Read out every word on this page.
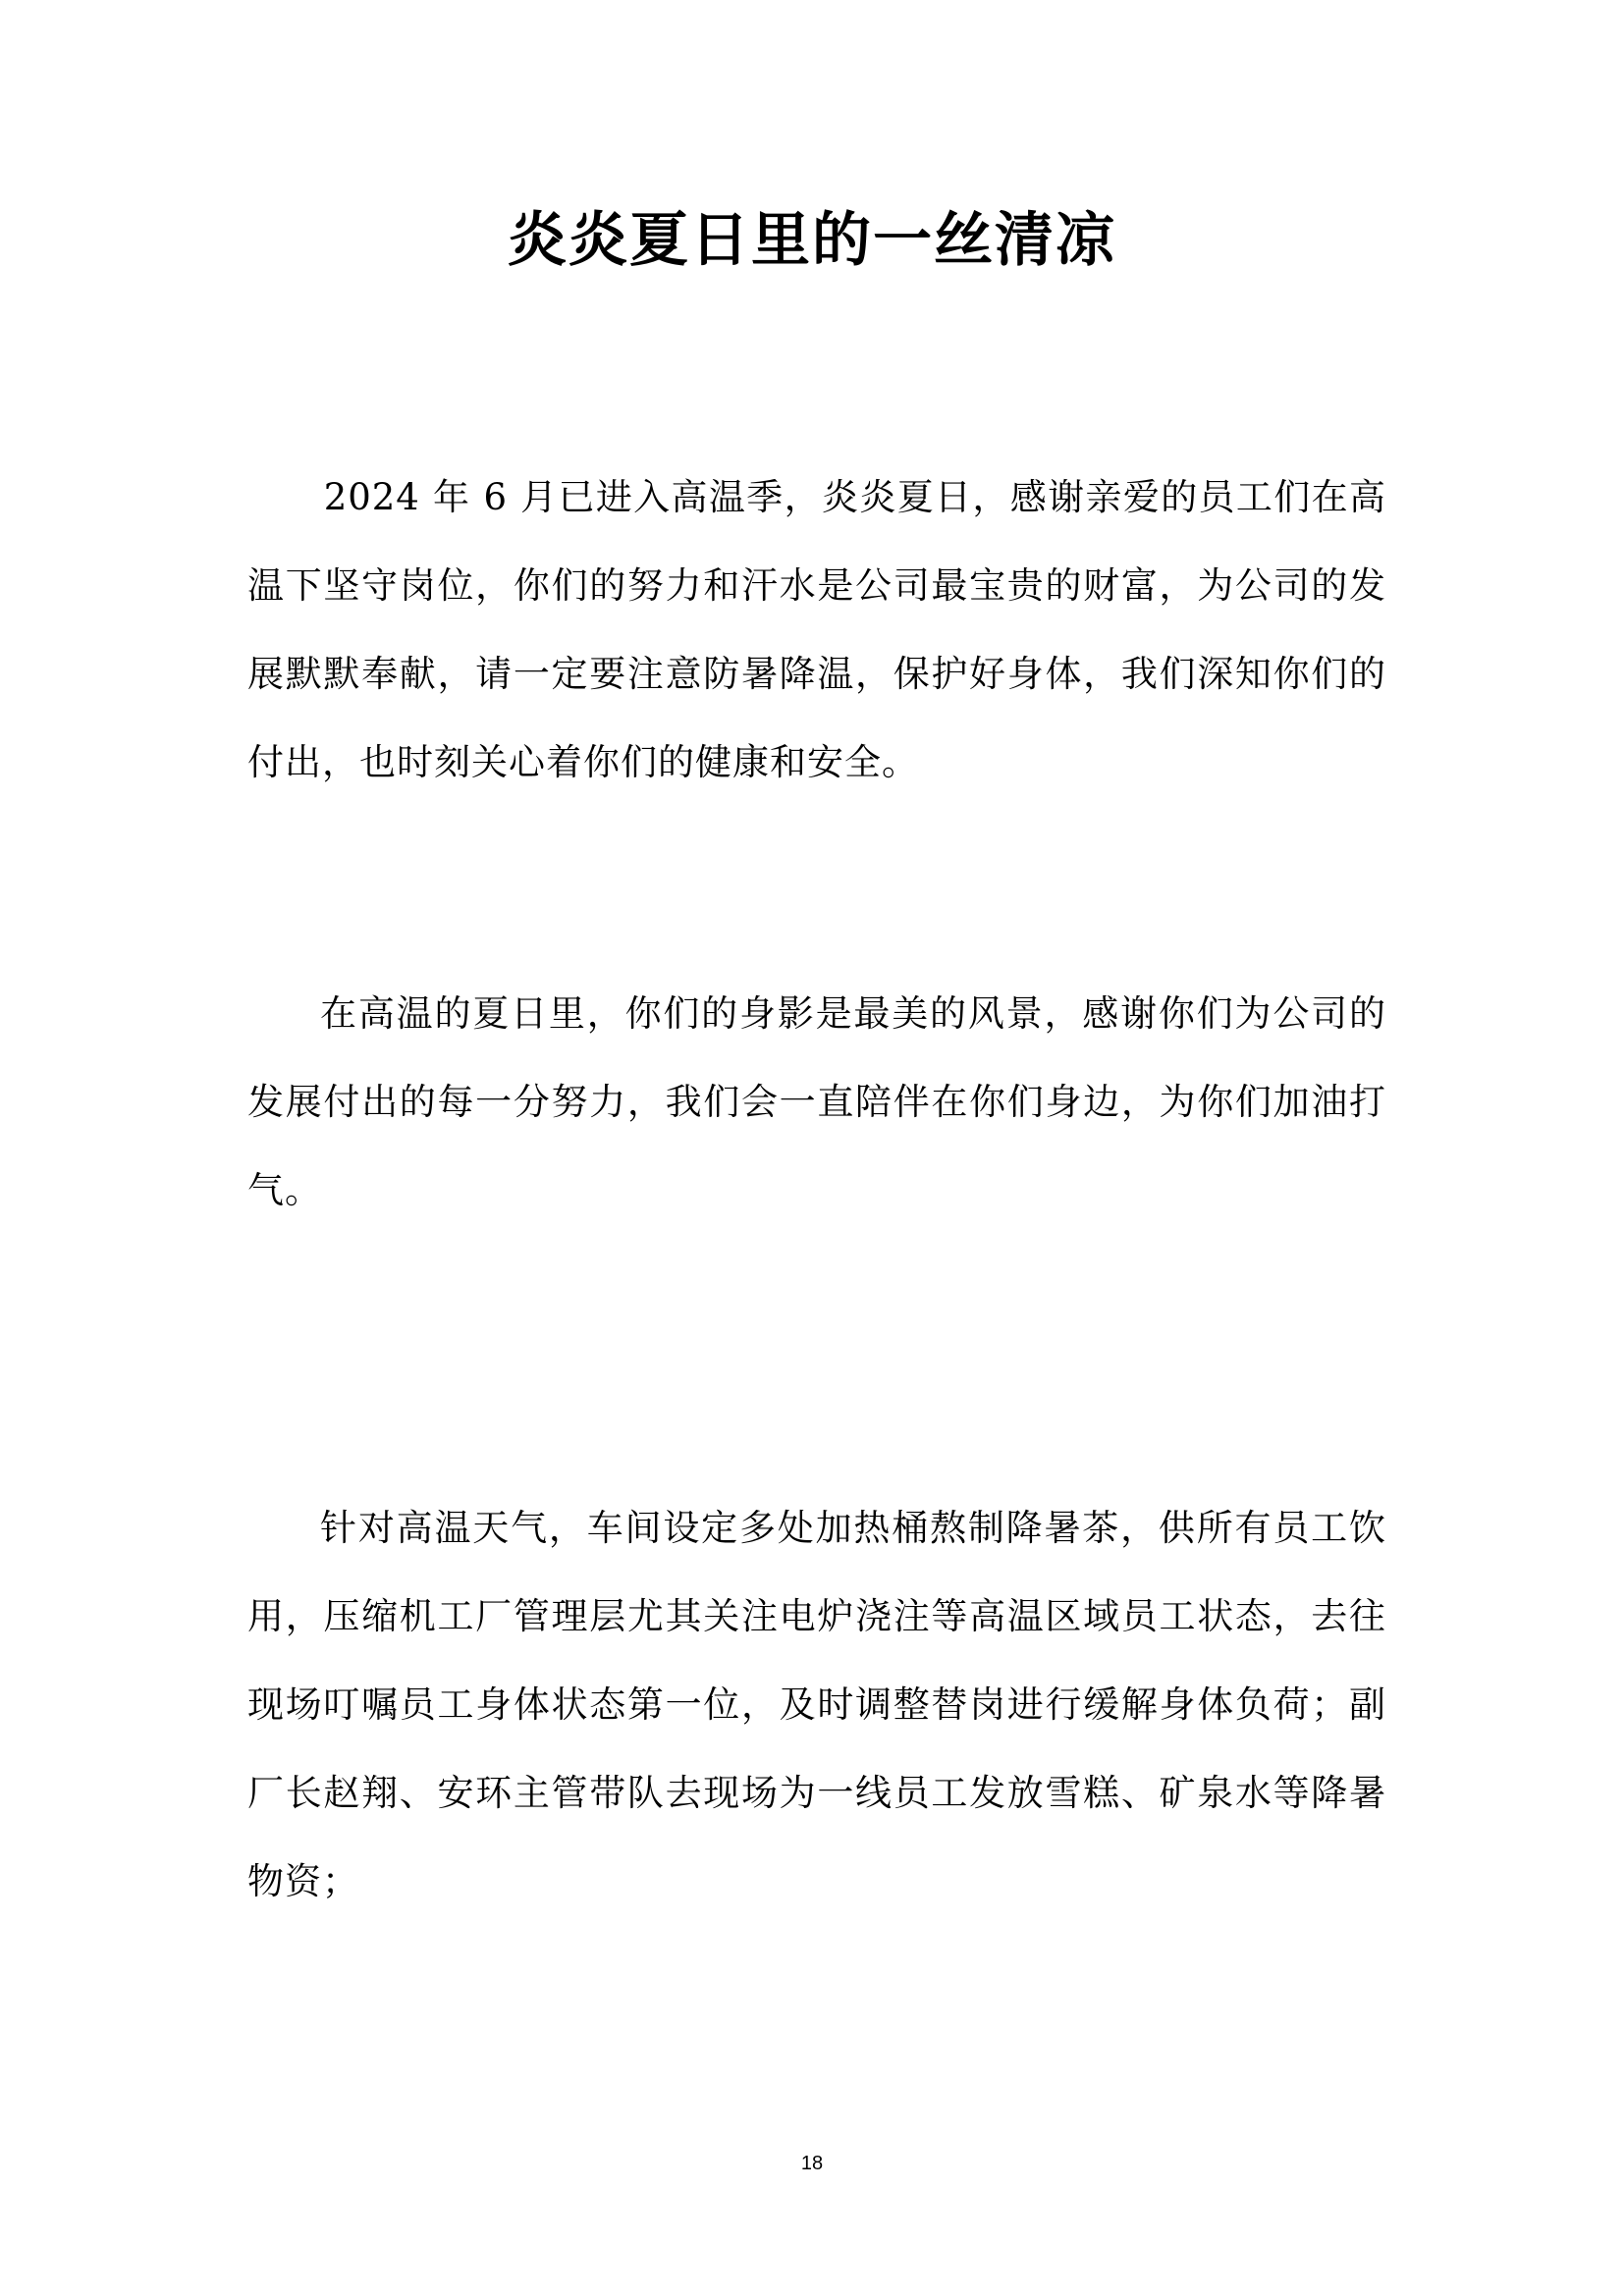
炎炎夏日里的一丝清凉

2024 年 6 月已进入高温季，炎炎夏日，感谢亲爱的员工们在高温下坚守岗位，你们的努力和汗水是公司最宝贵的财富，为公司的发展默默奉献，请一定要注意防暑降温，保护好身体，我们深知你们的付出，也时刻关心着你们的健康和安全。

在高温的夏日里，你们的身影是最美的风景，感谢你们为公司的发展付出的每一分努力，我们会一直陪伴在你们身边，为你们加油打气。

针对高温天气，车间设定多处加热桶熬制降暑茶，供所有员工饮用，压缩机工厂管理层尤其关注电炉浇注等高温区域员工状态，去往现场叮嘱员工身体状态第一位，及时调整替岗进行缓解身体负荷；副厂长赵翔、安环主管带队去现场为一线员工发放雪糕、矿泉水等降暑物资；

18
